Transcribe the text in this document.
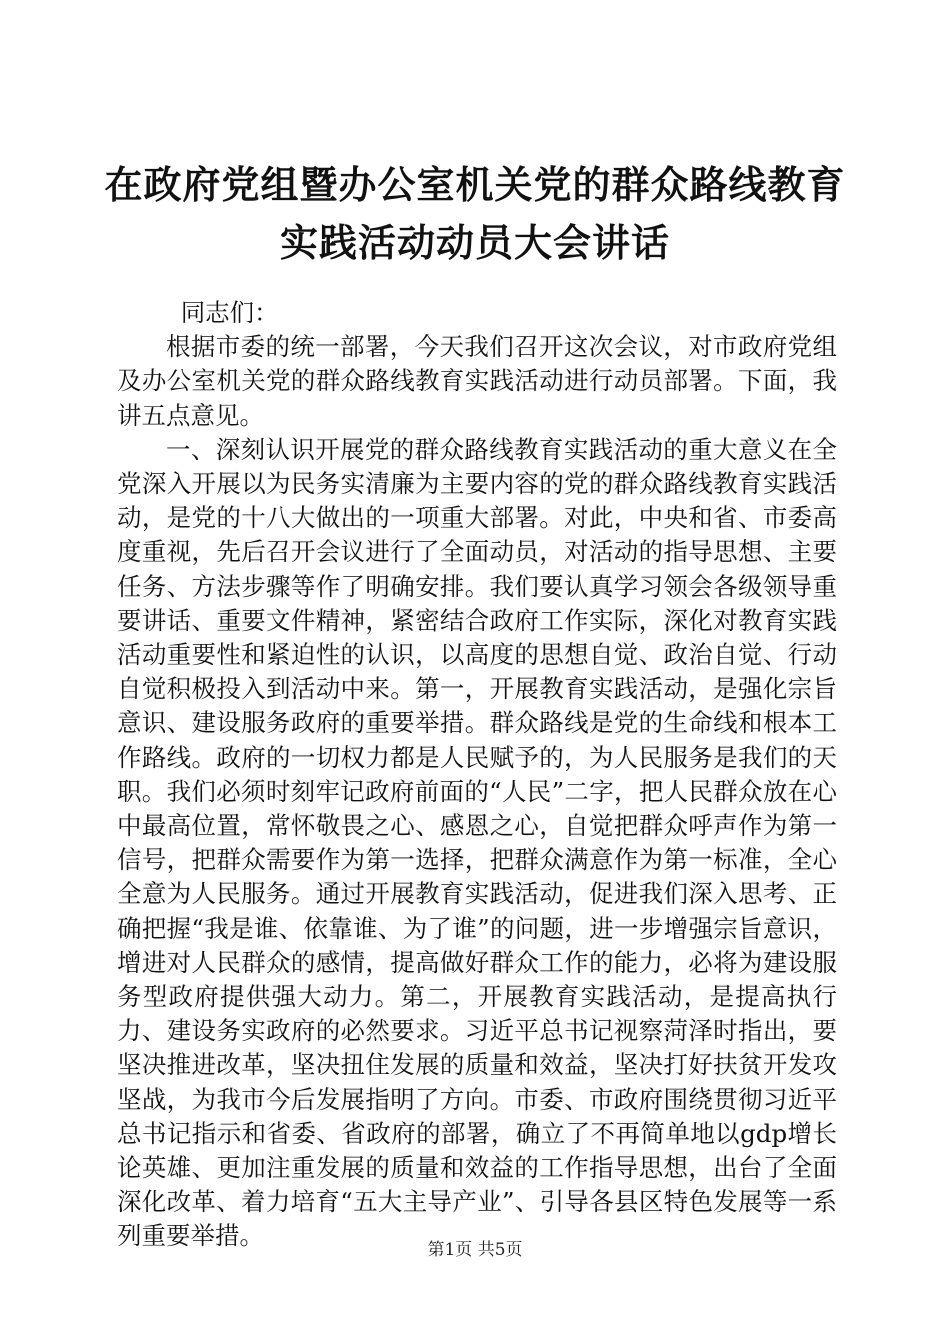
在政府党组暨办公室机关党的群众路线教育实践活动动员大会讲话

同志们：

根据市委的统一部署，今天我们召开这次会议，对市政府党组及办公室机关党的群众路线教育实践活动进行动员部署。下面，我讲五点意见。

一、深刻认识开展党的群众路线教育实践活动的重大意义在全党深入开展以为民务实清廉为主要内容的党的群众路线教育实践活动，是党的十八大做出的一项重大部署。对此，中央和省、市委高度重视，先后召开会议进行了全面动员，对活动的指导思想、主要任务、方法步骤等作了明确安排。我们要认真学习领会各级领导重要讲话、重要文件精神，紧密结合政府工作实际，深化对教育实践活动重要性和紧迫性的认识，以高度的思想自觉、政治自觉、行动自觉积极投入到活动中来。第一，开展教育实践活动，是强化宗旨意识、建设服务政府的重要举措。群众路线是党的生命线和根本工作路线。政府的一切权力都是人民赋予的，为人民服务是我们的天职。我们必须时刻牢记政府前面的“人民”二字，把人民群众放在心中最高位置，常怀敬畏之心、感恩之心，自觉把群众呼声作为第一信号，把群众需要作为第一选择，把群众满意作为第一标准，全心全意为人民服务。通过开展教育实践活动，促进我们深入思考、正确把握“我是谁、依靠谁、为了谁”的问题，进一步增强宗旨意识，增进对人民群众的感情，提高做好群众工作的能力，必将为建设服务型政府提供强大动力。第二，开展教育实践活动，是提高执行力、建设务实政府的必然要求。习近平总书记视察菏泽时指出，要坚决推进改革，坚决扭住发展的质量和效益，坚决打好扶贫开发攻坚战，为我市今后发展指明了方向。市委、市政府围绕贯彻习近平总书记指示和省委、省政府的部署，确立了不再简单地以gdp增长论英雄、更加注重发展的质量和效益的工作指导思想，出台了全面深化改革、着力培育“五大主导产业”、引导各县区特色发展等一系列重要举措。	第1页 共5页
